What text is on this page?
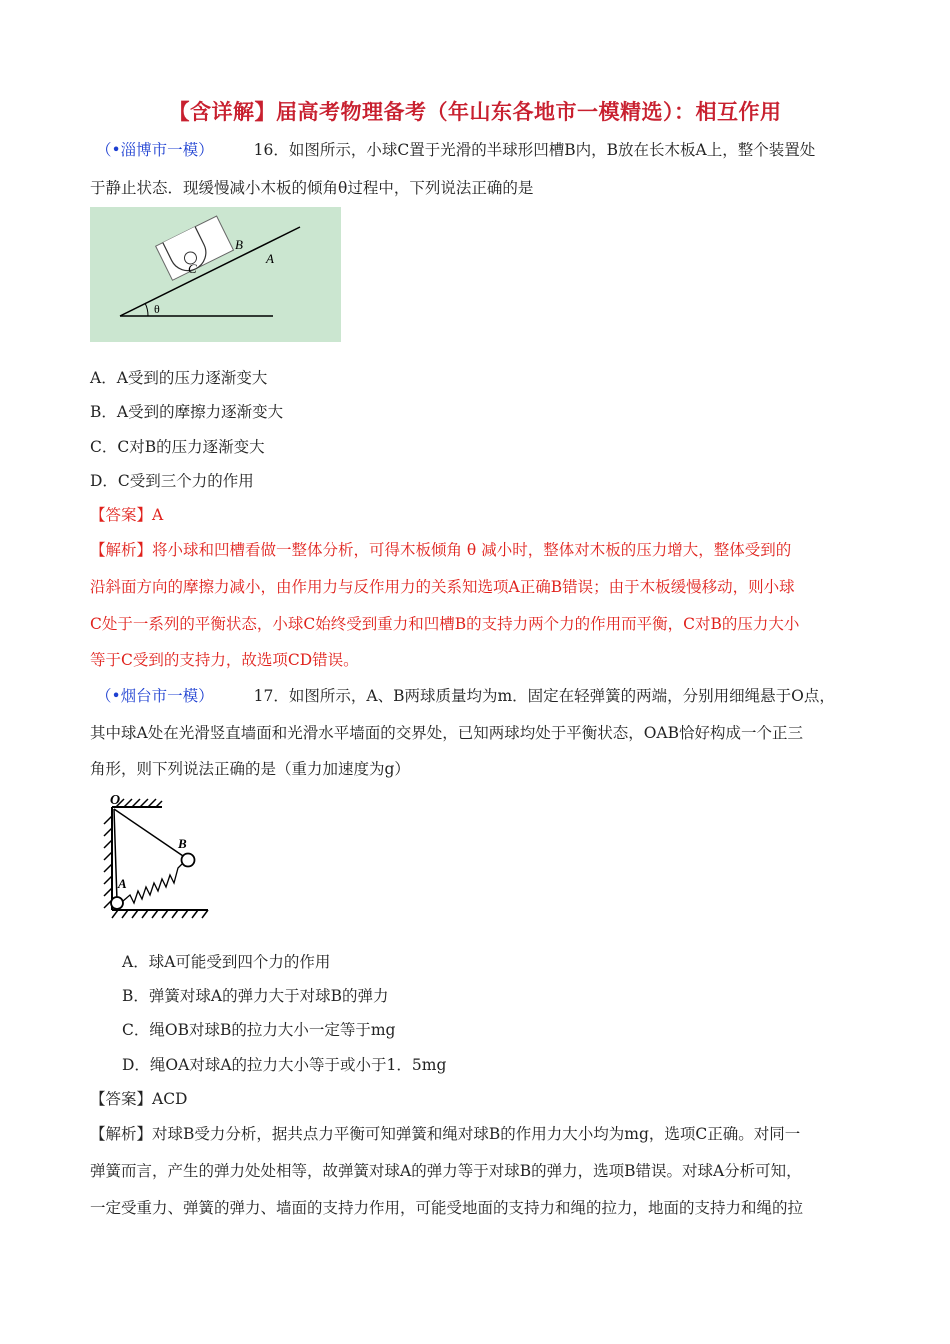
【含详解】届高考物理备考（年山东各地市一模精选）：相互作用
（•淄博市一模）	16．如图所示，小球C置于光滑的半球形凹槽B内，B放在长木板A上，整个装置处
于静止状态．现缓慢减小木板的倾角θ过程中，下列说法正确的是
C
B
A
θ
A．A受到的压力逐渐变大
B．A受到的摩擦力逐渐变大
C．C对B的压力逐渐变大
D．C受到三个力的作用
【答案】A
【解析】将小球和凹槽看做一整体分析，可得木板倾角 θ 减小时，整体对木板的压力增大，整体受到的
沿斜面方向的摩擦力减小，由作用力与反作用力的关系知选项A正确B错误；由于木板缓慢移动，则小球
C处于一系列的平衡状态，小球C始终受到重力和凹槽B的支持力两个力的作用而平衡，C对B的压力大小
等于C受到的支持力，故选项CD错误。
（•烟台市一模）	17．如图所示，A、B两球质量均为m．固定在轻弹簧的两端，分别用细绳悬于O点，
其中球A处在光滑竖直墙面和光滑水平墙面的交界处，已知两球均处于平衡状态，OAB恰好构成一个正三
角形，则下列说法正确的是（重力加速度为g）
O
A
B
A．球A可能受到四个力的作用
B．弹簧对球A的弹力大于对球B的弹力
C．绳OB对球B的拉力大小一定等于mg
D．绳OA对球A的拉力大小等于或小于1．5mg
【答案】ACD
【解析】对球B受力分析，据共点力平衡可知弹簧和绳对球B的作用力大小均为mg，选项C正确。对同一
弹簧而言，产生的弹力处处相等，故弹簧对球A的弹力等于对球B的弹力，选项B错误。对球A分析可知，
一定受重力、弹簧的弹力、墙面的支持力作用，可能受地面的支持力和绳的拉力，地面的支持力和绳的拉
